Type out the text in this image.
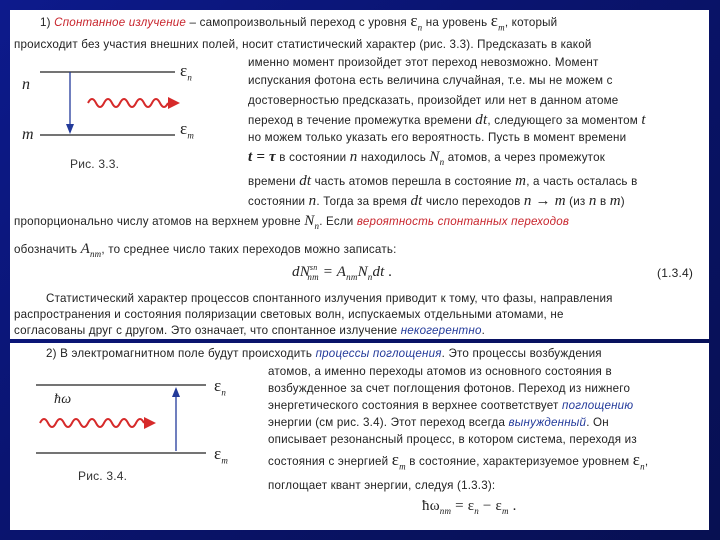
1) Спонтанное излучение – самопроизвольный переход с уровня $\varepsilon_n$ на уровень $\varepsilon_m$, который
происходит без участия внешних полей, носит статистический характер (рис. 3.3). Предсказать в какой
n
m
$\varepsilon_n$
$\varepsilon_m$
Рис. 3.3.
именно момент произойдет этот переход невозможно. Момент
испускания фотона есть величина случайная, т.е. мы не можем с
достоверностью предсказать, произойдет или нет в данном атоме
переход в течение промежутка времени dt, следующего за моментом t
но можем только указать его вероятность. Пусть в момент времени
t = τ в состоянии n находилось $N_n$ атомов, а через промежуток
времени dt часть атомов перешла в состояние m, а часть осталась в
состоянии n. Тогда за время dt число переходов n → m (из n в m)
пропорционально числу атомов на верхнем уровне $N_n$. Если вероятность спонтанных переходов
обозначить $A_{nm}$, то среднее число таких переходов можно записать:
$dN^{sn}_{nm} = A_{nm}N_ndt$ .	(1.3.4)
Статистический характер процессов спонтанного излучения приводит к тому, что фазы, направления
распространения и состояния поляризации световых волн, испускаемых отдельными атомами, не
согласованы друг с другом. Это означает, что спонтанное излучение некогерентно.
2) В электромагнитном поле будут происходить процессы поглощения. Это процессы возбуждения
ħω
$\varepsilon_n$
$\varepsilon_m$
Рис. 3.4.
атомов, а именно переходы атомов из основного состояния в
возбужденное за счет поглощения фотонов. Переход из нижнего
энергетического состояния в верхнее соответствует поглощению
энергии (см рис. 3.4). Этот переход всегда вынужденный. Он
описывает резонансный процесс, в котором система, переходя из
состояния с энергией $\varepsilon_m$ в состояние, характеризуемое уровнем $\varepsilon_n$,
поглощает квант энергии, следуя (1.3.3):
$ħ\omega_{nm} = \varepsilon_n - \varepsilon_m$ .
